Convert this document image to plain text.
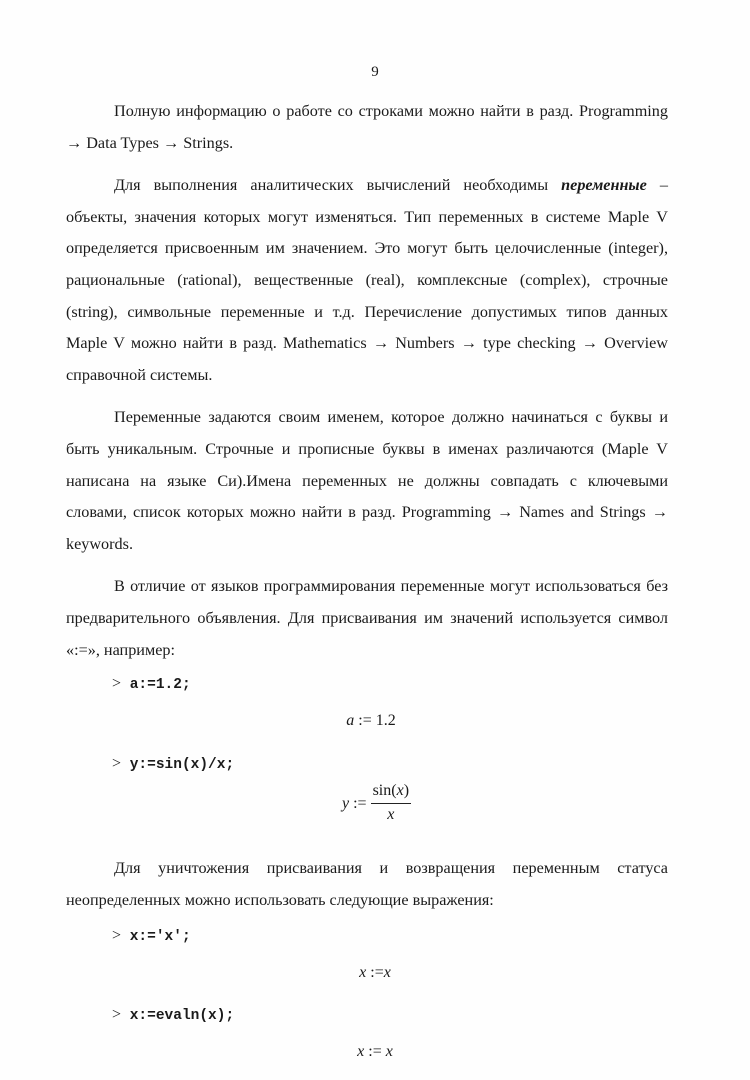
9

Полную информацию о работе со строками можно найти в разд. Programming → Data Types → Strings.

Для выполнения аналитических вычислений необходимы переменные – объекты, значения которых могут изменяться. Тип переменных в системе Maple V определяется присвоенным им значением. Это могут быть целочисленные (integer), рациональные (rational), вещественные (real), комплексные (complex), строчные (string), символьные переменные и т.д. Перечисление допустимых типов данных Maple V можно найти в разд. Mathematics → Numbers → type checking → Overview справочной системы.

Переменные задаются своим именем, которое должно начинаться с буквы и быть уникальным. Строчные и прописные буквы в именах различаются (Maple V написана на языке Си).Имена переменных не должны совпадать с ключевыми словами, список которых можно найти в разд. Programming → Names and Strings → keywords.

В отличие от языков программирования переменные могут использоваться без предварительного объявления. Для присваивания им значений используется символ «:=», например:

> a:=1.2;
a := 1.2
> y:=sin(x)/x;
y := $\frac{\sin(x)}{x}$

Для уничтожения присваивания и возвращения переменным статуса неопределенных можно использовать следующие выражения:

> x:='x';
x :=x
> x:=evaln(x);
x := x
